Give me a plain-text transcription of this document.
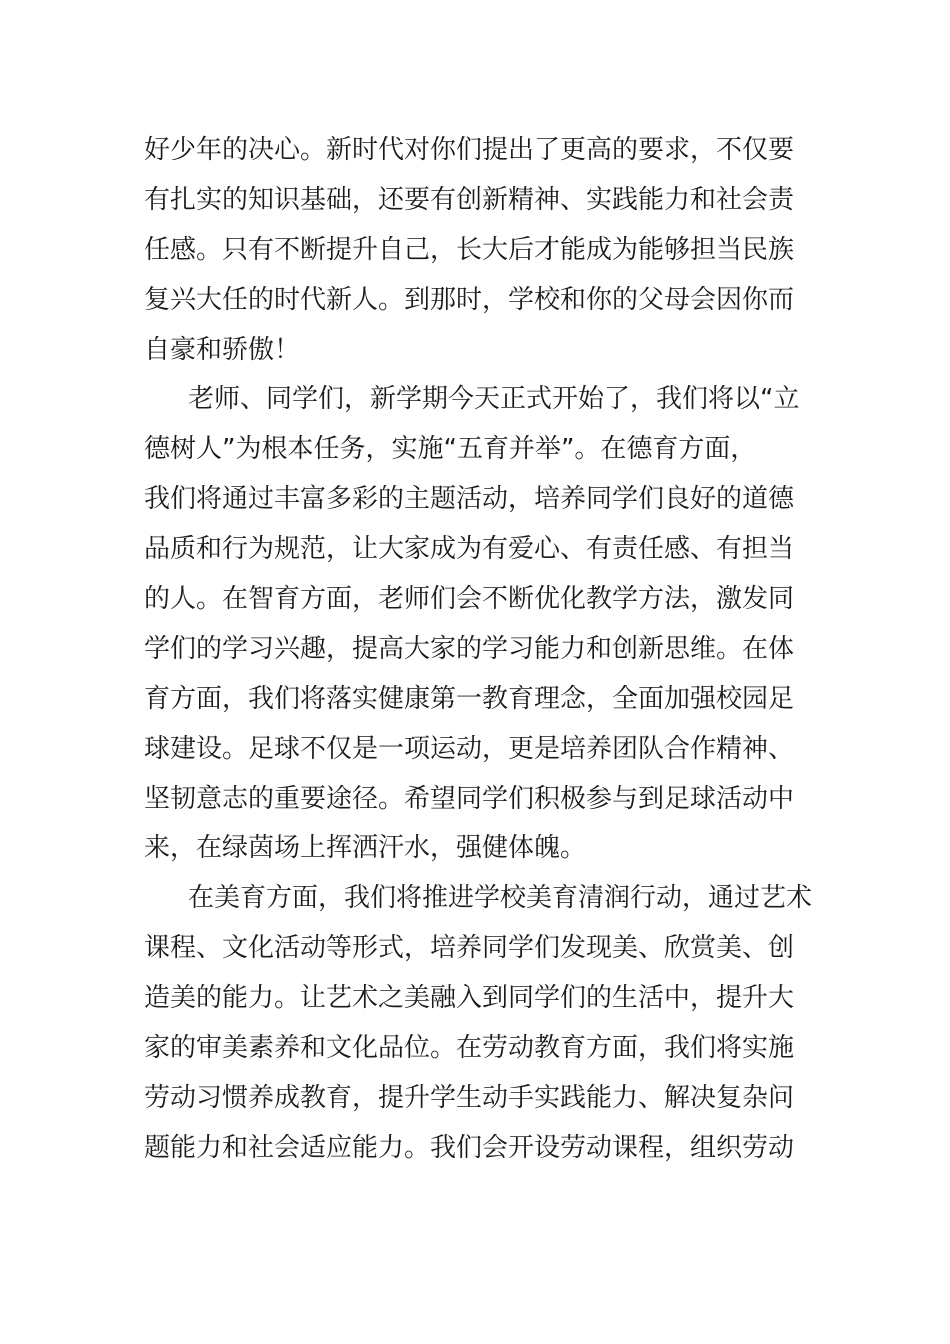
好少年的决心。新时代对你们提出了更高的要求，不仅要
有扎实的知识基础，还要有创新精神、实践能力和社会责
任感。只有不断提升自己，长大后才能成为能够担当民族
复兴大任的时代新人。到那时，学校和你的父母会因你而
自豪和骄傲！
老师、同学们，新学期今天正式开始了，我们将以“立
德树人”为根本任务，实施“五育并举”。在德育方面，
我们将通过丰富多彩的主题活动，培养同学们良好的道德
品质和行为规范，让大家成为有爱心、有责任感、有担当
的人。在智育方面，老师们会不断优化教学方法，激发同
学们的学习兴趣，提高大家的学习能力和创新思维。在体
育方面，我们将落实健康第一教育理念，全面加强校园足
球建设。足球不仅是一项运动，更是培养团队合作精神、
坚韧意志的重要途径。希望同学们积极参与到足球活动中
来，在绿茵场上挥洒汗水，强健体魄。
在美育方面，我们将推进学校美育清润行动，通过艺术
课程、文化活动等形式，培养同学们发现美、欣赏美、创
造美的能力。让艺术之美融入到同学们的生活中，提升大
家的审美素养和文化品位。在劳动教育方面，我们将实施
劳动习惯养成教育，提升学生动手实践能力、解决复杂问
题能力和社会适应能力。我们会开设劳动课程，组织劳动
